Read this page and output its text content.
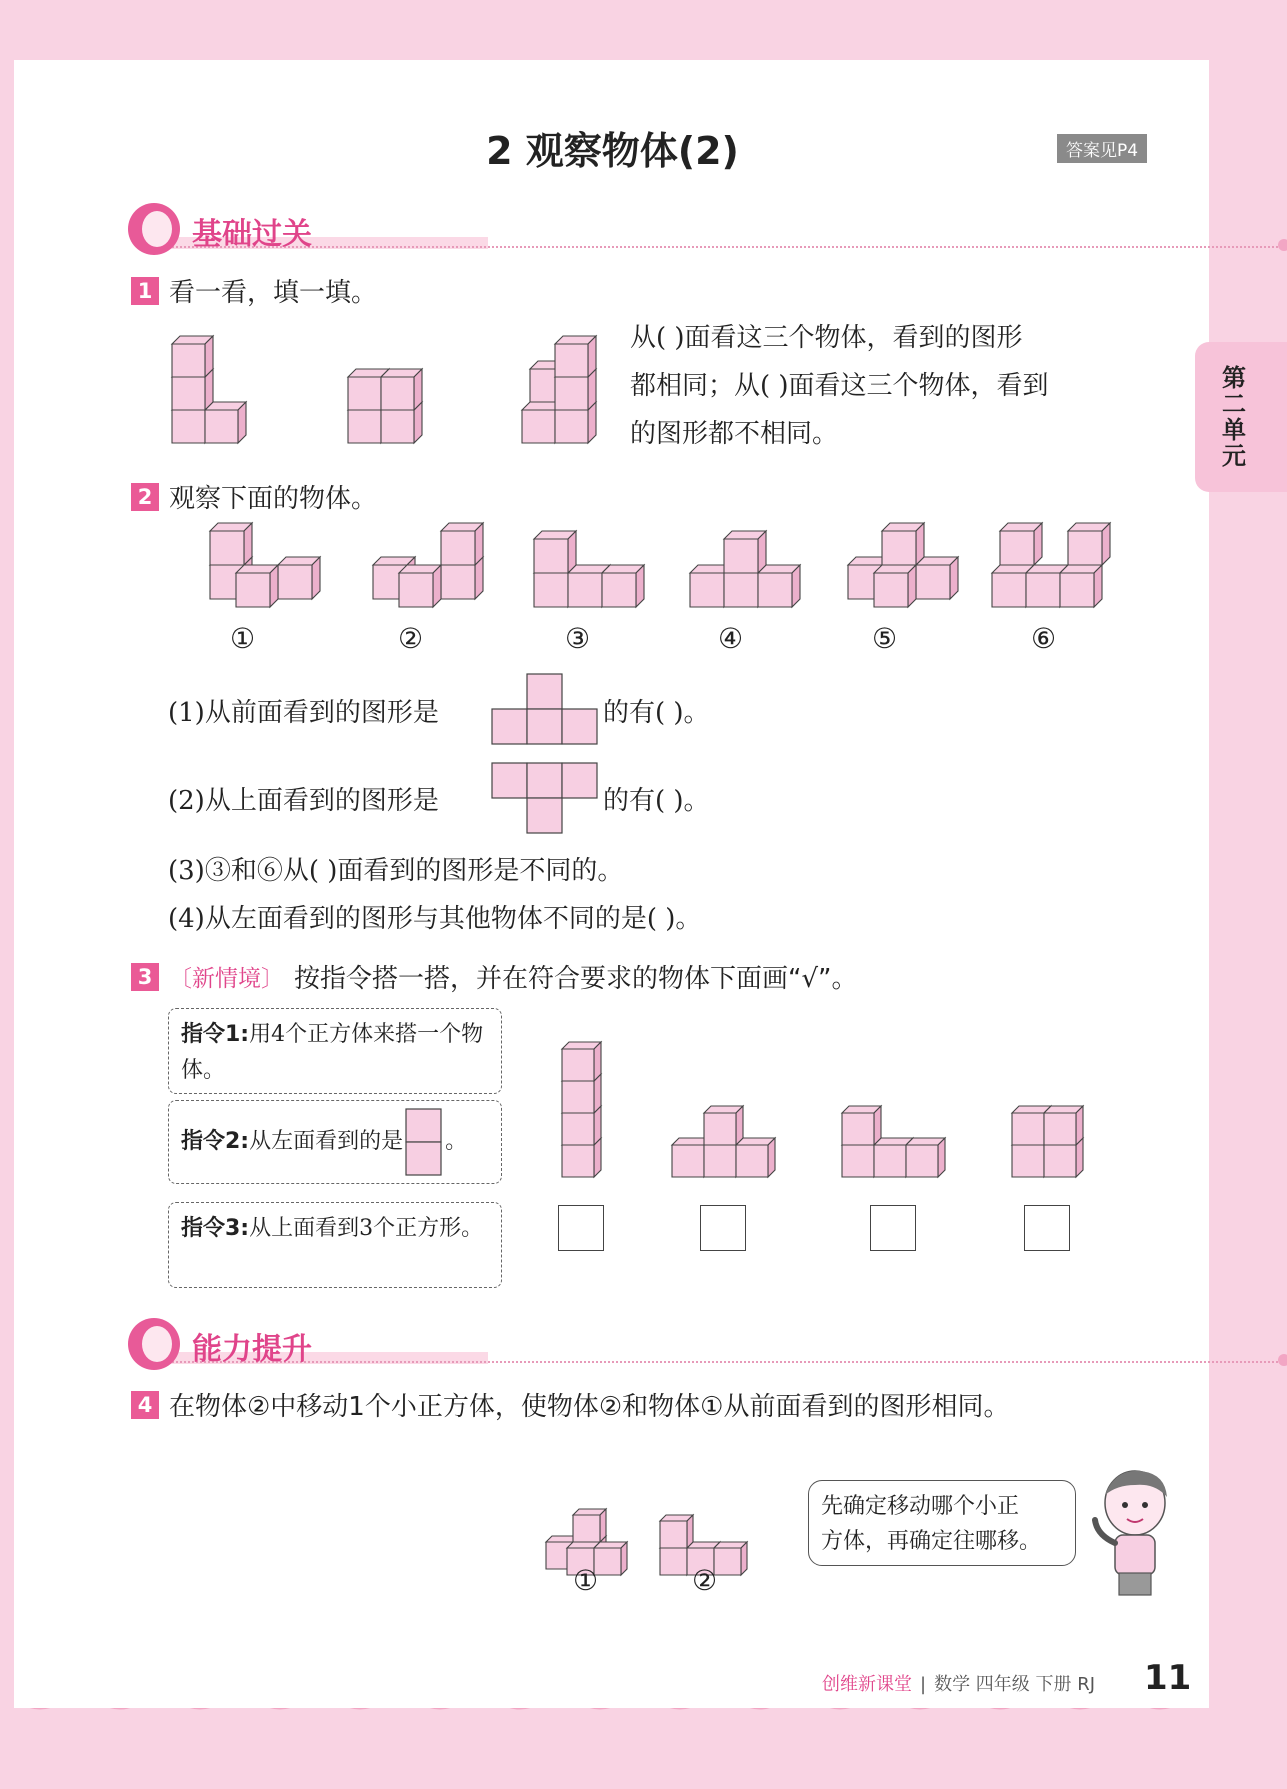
2 观察物体(2)	答案见P4
第二单元
基础过关
1 看一看，填一填。
从( )面看这三个物体，看到的图形
都相同；从( )面看这三个物体，看到
的图形都不相同。
2 观察下面的物体。
①	②	③	④	⑤	⑥
(1)从前面看到的图形是	的有( )。
(2)从上面看到的图形是	的有( )。
(3)③和⑥从( )面看到的图形是不同的。
(4)从左面看到的图形与其他物体不同的是( )。
3 〔新情境〕 按指令搭一搭，并在符合要求的物体下面画“√”。
指令1:用4个正方体来搭一个物体。
指令2: 从左面看到的是 。
指令3:从上面看到3个正方形。
能力提升
4 在物体②中移动1个小正方体，使物体②和物体①从前面看到的图形相同。
①	②
先确定移动哪个小正
方体，再确定往哪移。
创维新课堂 | 数学 四年级 下册 RJ 11
